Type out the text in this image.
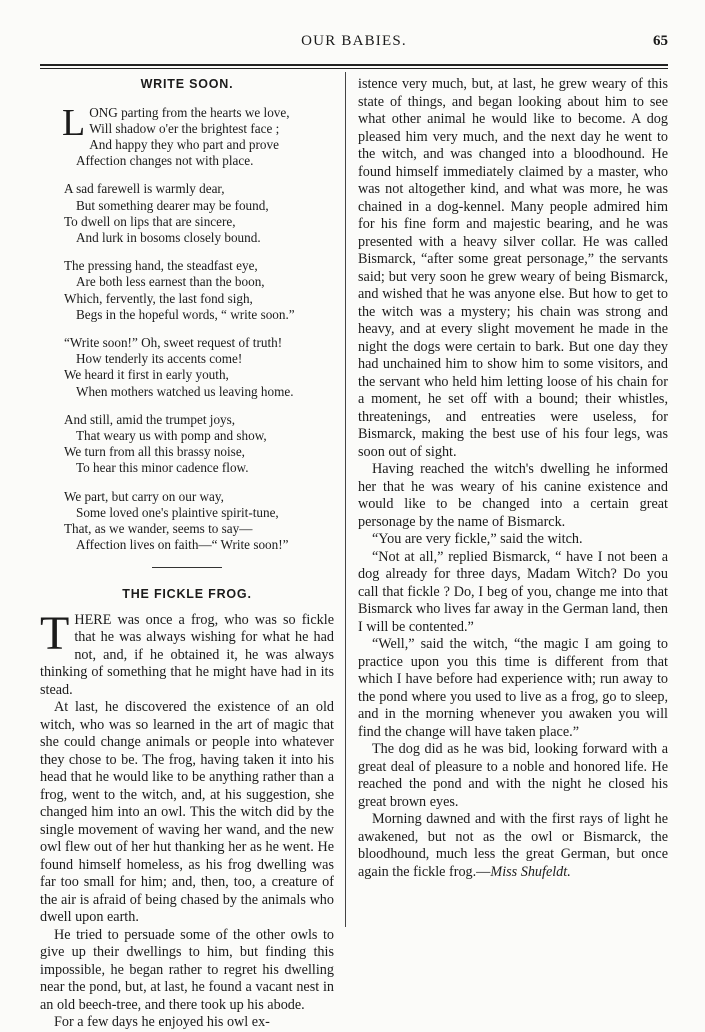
OUR BABIES.	65
WRITE SOON.
L ONG parting from the hearts we love,
Will shadow o'er the brightest face ;
And happy they who part and prove
Affection changes not with place.
A sad farewell is warmly dear,
But something dearer may be found,
To dwell on lips that are sincere,
And lurk in bosoms closely bound.
The pressing hand, the steadfast eye,
Are both less earnest than the boon,
Which, fervently, the last fond sigh,
Begs in the hopeful words, “ write soon.”
“Write soon!” Oh, sweet request of truth!
How tenderly its accents come!
We heard it first in early youth,
When mothers watched us leaving home.
And still, amid the trumpet joys,
That weary us with pomp and show,
We turn from all this brassy noise,
To hear this minor cadence flow.
We part, but carry on our way,
Some loved one's plaintive spirit-tune,
That, as we wander, seems to say—
Affection lives on faith—“ Write soon!”
THE FICKLE FROG.

THERE was once a frog, who was so fickle that he was always wishing for what he had not, and, if he obtained it, he was always thinking of something that he might have had in its stead.

At last, he discovered the existence of an old witch, who was so learned in the art of magic that she could change animals or people into whatever they chose to be. The frog, having taken it into his head that he would like to be anything rather than a frog, went to the witch, and, at his suggestion, she changed him into an owl. This the witch did by the single movement of waving her wand, and the new owl flew out of her hut thanking her as he went. He found himself homeless, as his frog dwelling was far too small for him; and, then, too, a creature of the air is afraid of being chased by the animals who dwell upon earth.

He tried to persuade some of the other owls to give up their dwellings to him, but finding this impossible, he began rather to regret his dwelling near the pond, but, at last, he found a vacant nest in an old beech-tree, and there took up his abode.

For a few days he enjoyed his owl ex-

istence very much, but, at last, he grew weary of this state of things, and began looking about him to see what other animal he would like to become. A dog pleased him very much, and the next day he went to the witch, and was changed into a bloodhound. He found himself immediately claimed by a master, who was not altogether kind, and what was more, he was chained in a dog-kennel. Many people admired him for his fine form and majestic bearing, and he was presented with a heavy silver collar. He was called Bismarck, “after some great personage,” the servants said; but very soon he grew weary of being Bismarck, and wished that he was anyone else. But how to get to the witch was a mystery; his chain was strong and heavy, and at every slight movement he made in the night the dogs were certain to bark. But one day they had unchained him to show him to some visitors, and the servant who held him letting loose of his chain for a moment, he set off with a bound; their whistles, threatenings, and entreaties were useless, for Bismarck, making the best use of his four legs, was soon out of sight.

Having reached the witch's dwelling he informed her that he was weary of his canine existence and would like to be changed into a certain great personage by the name of Bismarck.

“You are very fickle,” said the witch.

“Not at all,” replied Bismarck, “ have I not been a dog already for three days, Madam Witch? Do you call that fickle ? Do, I beg of you, change me into that Bismarck who lives far away in the German land, then I will be contented.”

“Well,” said the witch, “the magic I am going to practice upon you this time is different from that which I have before had experience with; run away to the pond where you used to live as a frog, go to sleep, and in the morning whenever you awaken you will find the change will have taken place.”

The dog did as he was bid, looking forward with a great deal of pleasure to a noble and honored life. He reached the pond and with the night he closed his great brown eyes.

Morning dawned and with the first rays of light he awakened, but not as the owl or Bismarck, the bloodhound, much less the great German, but once again the fickle frog.—Miss Shufeldt.
